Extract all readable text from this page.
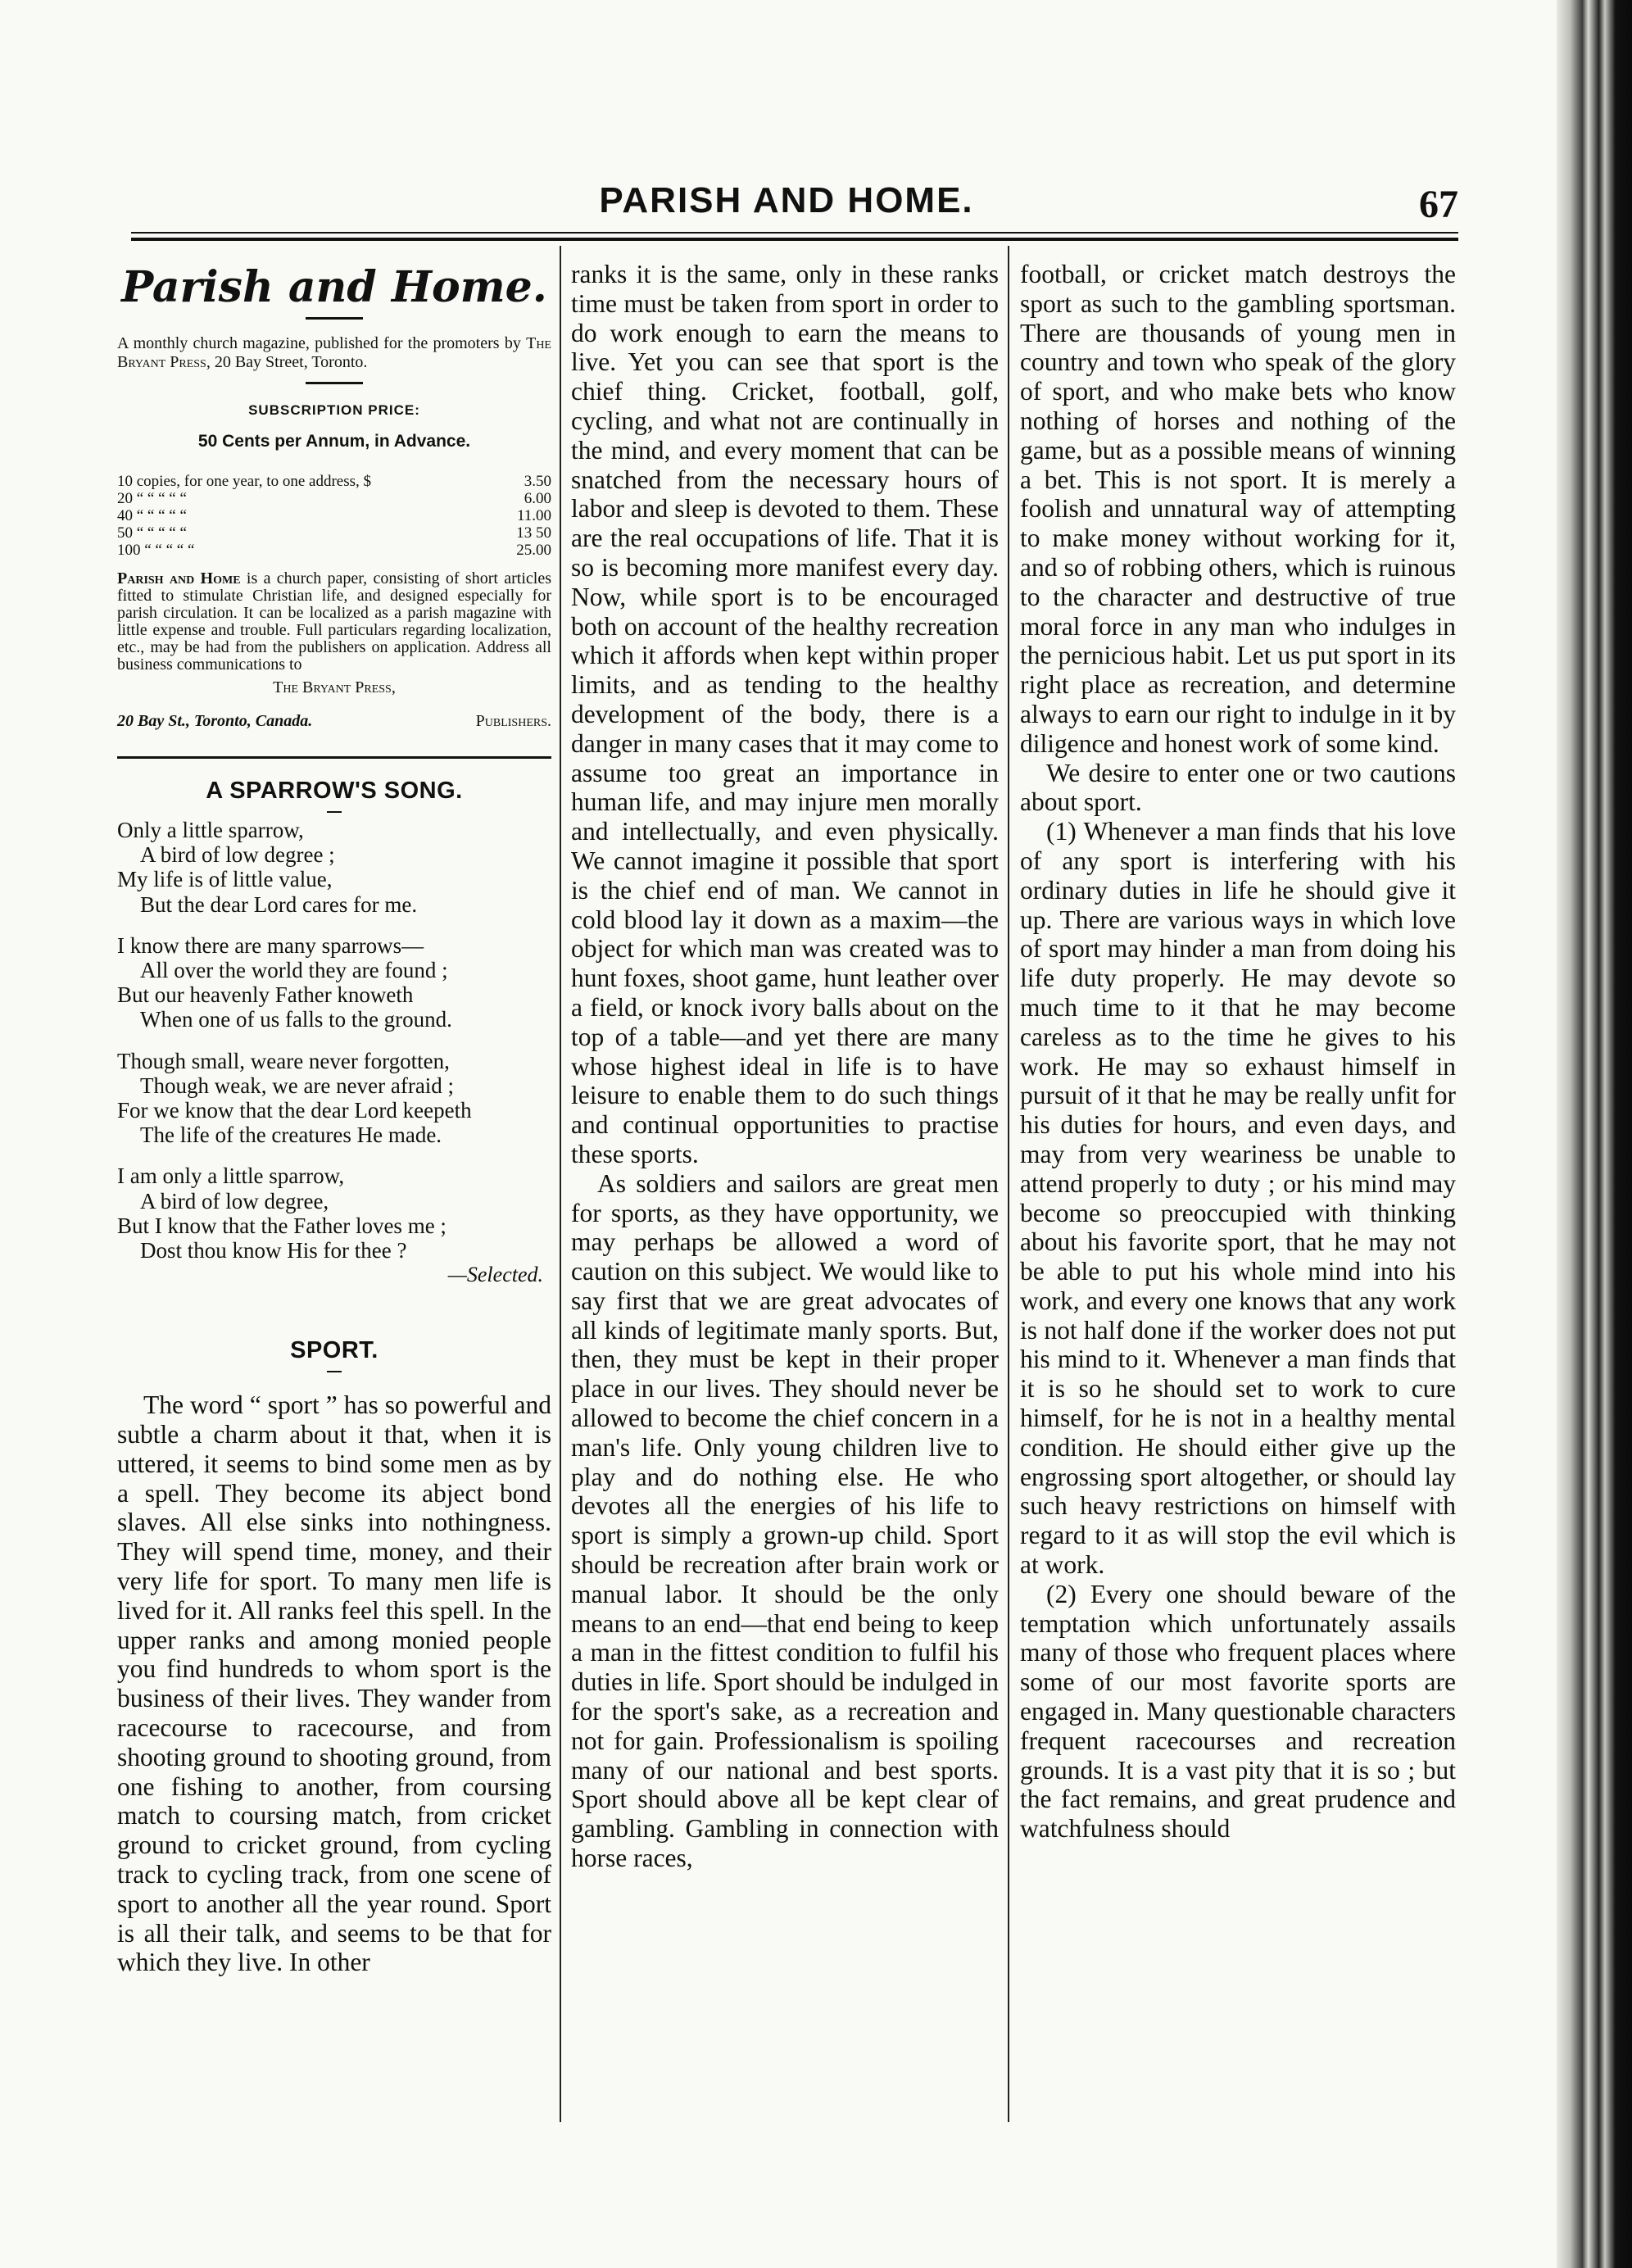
PARISH AND HOME.	67
Parish and Home.

A monthly church magazine, published for the promoters by The Bryant Press, 20 Bay Street, Toronto.

SUBSCRIPTION PRICE:
50 Cents per Annum, in Advance.
10 copies, for one year, to one address, $	3.50
20 “ “ “ “ “	6.00
40 “ “ “ “ “	11.00
50 “ “ “ “ “	13 50
100 “ “ “ “ “	25.00

Parish and Home is a church paper, consisting of short articles fitted to stimulate Christian life, and designed especially for parish circulation. It can be localized as a parish magazine with little expense and trouble. Full particulars regarding localization, etc., may be had from the publishers on application. Address all business communications to

The Bryant Press,
20 Bay St., Toronto, Canada.	Publishers.
A SPARROW'S SONG.
Only a little sparrow,
A bird of low degree ;
My life is of little value,
But the dear Lord cares for me.
I know there are many sparrows—
All over the world they are found ;
But our heavenly Father knoweth
When one of us falls to the ground.
Though small, weare never forgotten,
Though weak, we are never afraid ;
For we know that the dear Lord keepeth
The life of the creatures He made.
I am only a little sparrow,
A bird of low degree,
But I know that the Father loves me ;
Dost thou know His for thee ?
—Selected.
SPORT.

The word “ sport ” has so powerful and subtle a charm about it that, when it is uttered, it seems to bind some men as by a spell. They become its abject bond slaves. All else sinks into nothingness. They will spend time, money, and their very life for sport. To many men life is lived for it. All ranks feel this spell. In the upper ranks and among monied people you find hundreds to whom sport is the business of their lives. They wander from racecourse to racecourse, and from shooting ground to shooting ground, from one fishing to another, from coursing match to coursing match, from cricket ground to cricket ground, from cycling track to cycling track, from one scene of sport to another all the year round. Sport is all their talk, and seems to be that for which they live. In other

ranks it is the same, only in these ranks time must be taken from sport in order to do work enough to earn the means to live. Yet you can see that sport is the chief thing. Cricket, football, golf, cycling, and what not are continually in the mind, and every moment that can be snatched from the necessary hours of labor and sleep is devoted to them. These are the real occupations of life. That it is so is becoming more manifest every day. Now, while sport is to be encouraged both on account of the healthy recreation which it affords when kept within proper limits, and as tending to the healthy development of the body, there is a danger in many cases that it may come to assume too great an importance in human life, and may injure men morally and intellectually, and even physically. We cannot imagine it possible that sport is the chief end of man. We cannot in cold blood lay it down as a maxim—the object for which man was created was to hunt foxes, shoot game, hunt leather over a field, or knock ivory balls about on the top of a table—and yet there are many whose highest ideal in life is to have leisure to enable them to do such things and continual opportunities to practise these sports.

As soldiers and sailors are great men for sports, as they have opportunity, we may perhaps be allowed a word of caution on this subject. We would like to say first that we are great advocates of all kinds of legitimate manly sports. But, then, they must be kept in their proper place in our lives. They should never be allowed to become the chief concern in a man's life. Only young children live to play and do nothing else. He who devotes all the energies of his life to sport is simply a grown-up child. Sport should be recreation after brain work or manual labor. It should be the only means to an end—that end being to keep a man in the fittest condition to fulfil his duties in life. Sport should be indulged in for the sport's sake, as a recreation and not for gain. Professionalism is spoiling many of our national and best sports. Sport should above all be kept clear of gambling. Gambling in connection with horse races,

football, or cricket match destroys the sport as such to the gambling sportsman. There are thousands of young men in country and town who speak of the glory of sport, and who make bets who know nothing of horses and nothing of the game, but as a possible means of winning a bet. This is not sport. It is merely a foolish and unnatural way of attempting to make money without working for it, and so of robbing others, which is ruinous to the character and destructive of true moral force in any man who indulges in the pernicious habit. Let us put sport in its right place as recreation, and determine always to earn our right to indulge in it by diligence and honest work of some kind.

We desire to enter one or two cautions about sport.

(1) Whenever a man finds that his love of any sport is interfering with his ordinary duties in life he should give it up. There are various ways in which love of sport may hinder a man from doing his life duty properly. He may devote so much time to it that he may become careless as to the time he gives to his work. He may so exhaust himself in pursuit of it that he may be really unfit for his duties for hours, and even days, and may from very weariness be unable to attend properly to duty ; or his mind may become so preoccupied with thinking about his favorite sport, that he may not be able to put his whole mind into his work, and every one knows that any work is not half done if the worker does not put his mind to it. Whenever a man finds that it is so he should set to work to cure himself, for he is not in a healthy mental condition. He should either give up the engrossing sport altogether, or should lay such heavy restrictions on himself with regard to it as will stop the evil which is at work.

(2) Every one should beware of the temptation which unfortunately assails many of those who frequent places where some of our most favorite sports are engaged in. Many questionable characters frequent racecourses and recreation grounds. It is a vast pity that it is so ; but the fact remains, and great prudence and watchfulness should
